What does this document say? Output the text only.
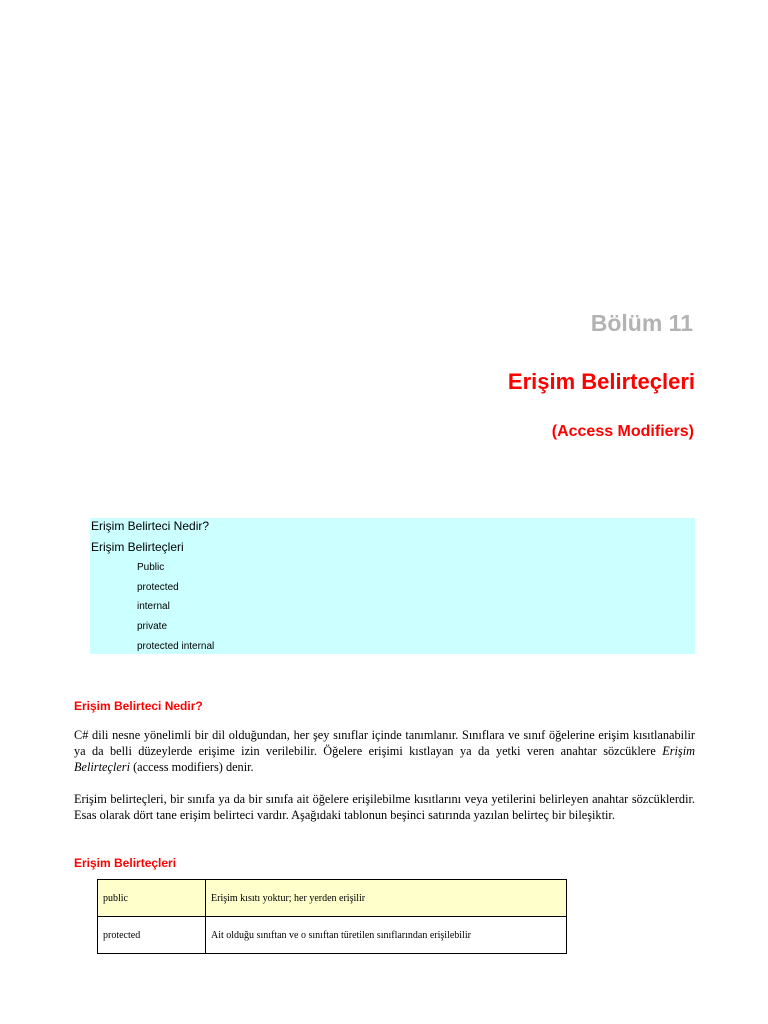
Bölüm 11
Erişim Belirteçleri
(Access Modifiers)
Erişim Belirteci Nedir?
Erişim Belirteçleri
Public
protected
internal
private
protected internal
Erişim Belirteci Nedir?
C# dili nesne yönelimli bir dil olduğundan, her şey sınıflar içinde tanımlanır. Sınıflara ve sınıf öğelerine erişim kısıtlanabilir ya da belli düzeylerde erişime izin verilebilir. Öğelere erişimi kıstlayan ya da yetki veren anahtar sözcüklere Erişim Belirteçleri (access modifiers) denir.
Erişim belirteçleri, bir sınıfa ya da bir sınıfa ait öğelere erişilebilme kısıtlarını veya yetilerini belirleyen anahtar sözcüklerdir. Esas olarak dört tane erişim belirteci vardır. Aşağıdaki tablonun beşinci satırında yazılan belirteç bir bileşiktir.
Erişim Belirteçleri
public	Erişim kısıtı yoktur; her yerden erişilir
protected	Ait olduğu sınıftan ve o sınıftan türetilen sınıflarından erişilebilir
